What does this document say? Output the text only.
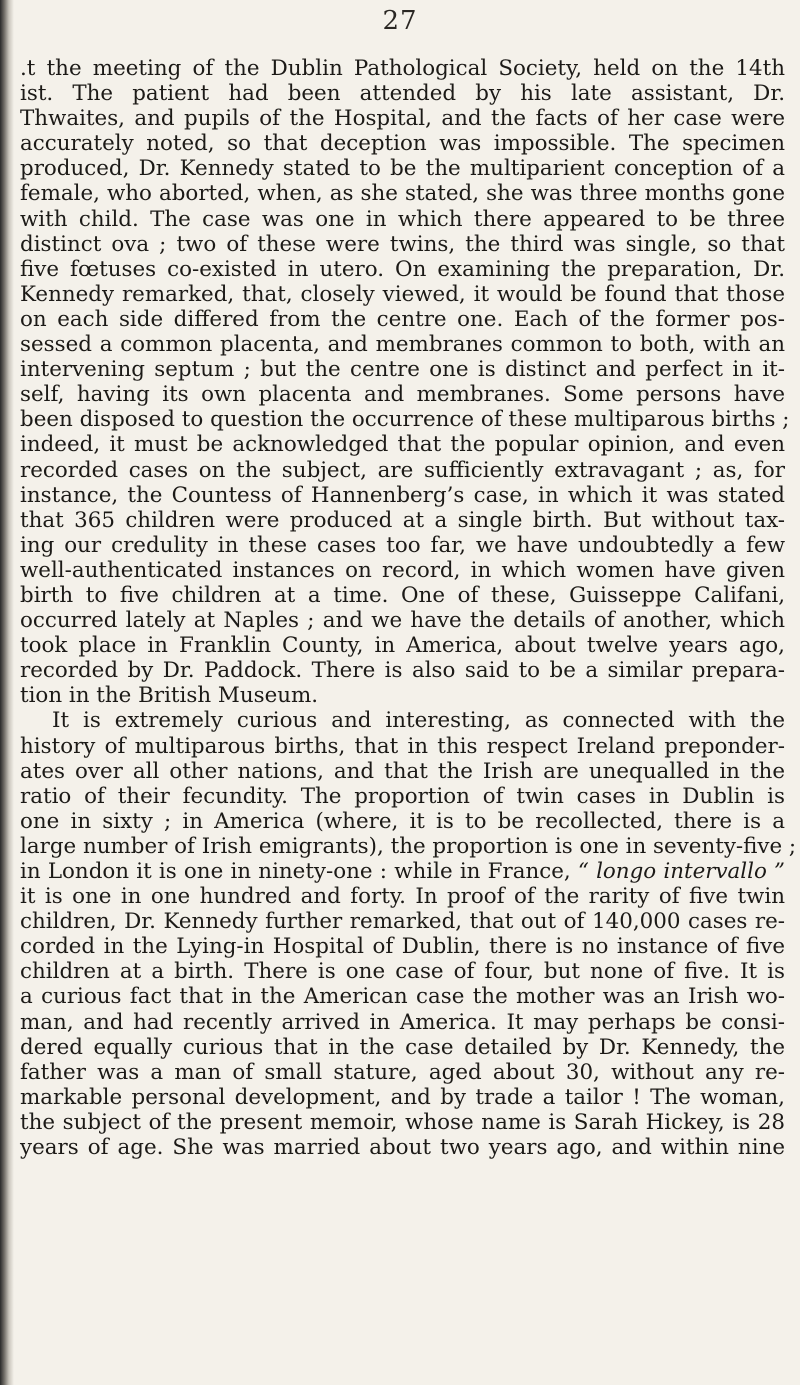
27
.t the meeting of the Dublin Pathological Society, held on the 14th
ist. The patient had been attended by his late assistant, Dr.
Thwaites, and pupils of the Hospital, and the facts of her case were
accurately noted, so that deception was impossible. The specimen
produced, Dr. Kennedy stated to be the multiparient conception of a
female, who aborted, when, as she stated, she was three months gone
with child. The case was one in which there appeared to be three
distinct ova ; two of these were twins, the third was single, so that
five fœtuses co-existed in utero. On examining the preparation, Dr.
Kennedy remarked, that, closely viewed, it would be found that those
on each side differed from the centre one. Each of the former pos-
sessed a common placenta, and membranes common to both, with an
intervening septum ; but the centre one is distinct and perfect in it-
self, having its own placenta and membranes. Some persons have
been disposed to question the occurrence of these multiparous births ;
indeed, it must be acknowledged that the popular opinion, and even
recorded cases on the subject, are sufficiently extravagant ; as, for
instance, the Countess of Hannenberg’s case, in which it was stated
that 365 children were produced at a single birth. But without tax-
ing our credulity in these cases too far, we have undoubtedly a few
well-authenticated instances on record, in which women have given
birth to five children at a time. One of these, Guisseppe Califani,
occurred lately at Naples ; and we have the details of another, which
took place in Franklin County, in America, about twelve years ago,
recorded by Dr. Paddock. There is also said to be a similar prepara-
tion in the British Museum.
It is extremely curious and interesting, as connected with the
history of multiparous births, that in this respect Ireland preponder-
ates over all other nations, and that the Irish are unequalled in the
ratio of their fecundity. The proportion of twin cases in Dublin is
one in sixty ; in America (where, it is to be recollected, there is a
large number of Irish emigrants), the proportion is one in seventy-five ;
in London it is one in ninety-one : while in France, “ longo intervallo ”
it is one in one hundred and forty. In proof of the rarity of five twin
children, Dr. Kennedy further remarked, that out of 140,000 cases re-
corded in the Lying-in Hospital of Dublin, there is no instance of five
children at a birth. There is one case of four, but none of five. It is
a curious fact that in the American case the mother was an Irish wo-
man, and had recently arrived in America. It may perhaps be consi-
dered equally curious that in the case detailed by Dr. Kennedy, the
father was a man of small stature, aged about 30, without any re-
markable personal development, and by trade a tailor ! The woman,
the subject of the present memoir, whose name is Sarah Hickey, is 28
years of age. She was married about two years ago, and within nine
